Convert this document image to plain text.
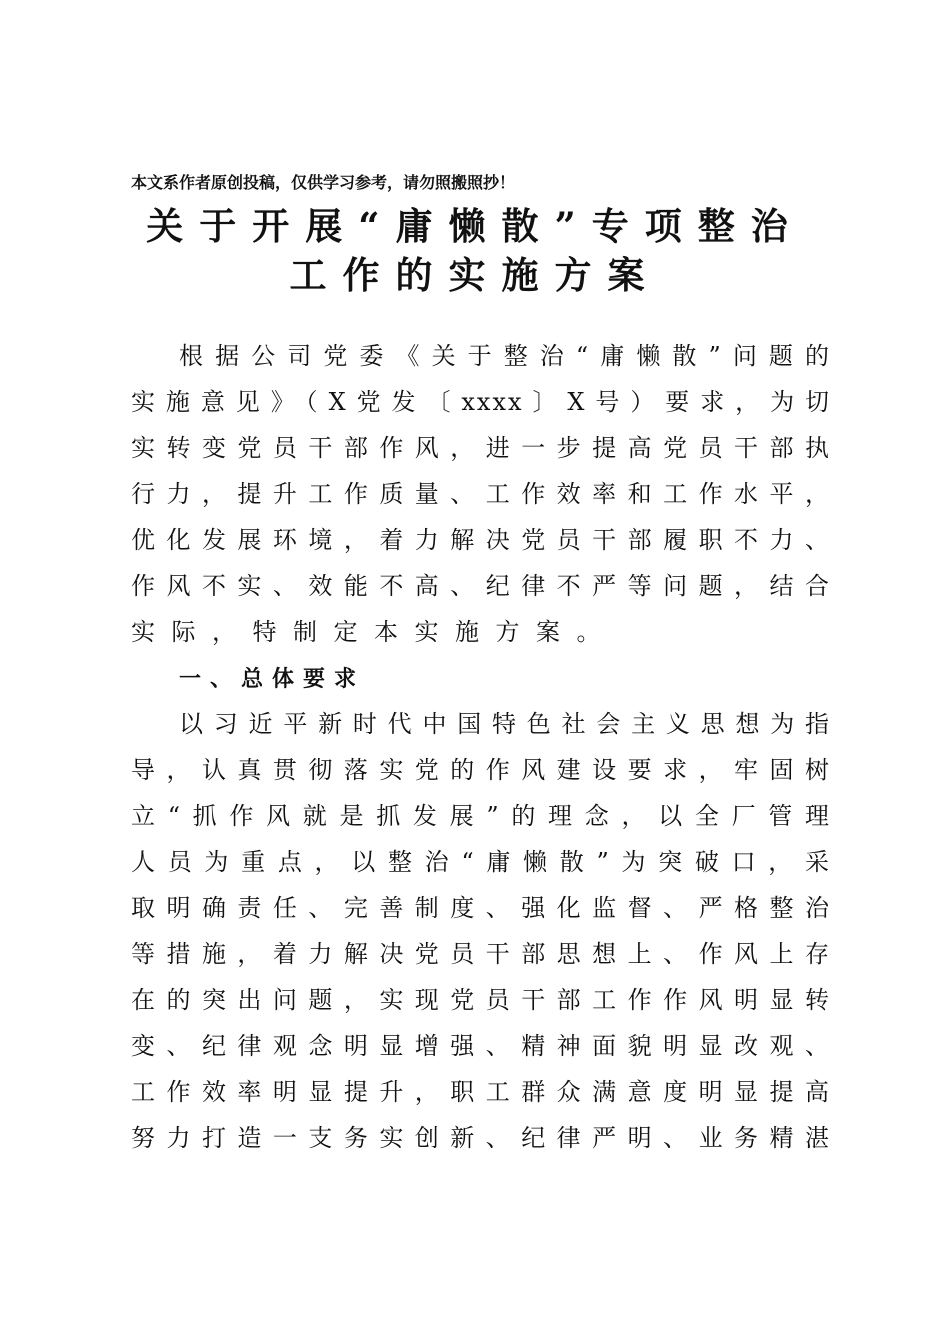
本文系作者原创投稿，仅供学习参考，请勿照搬照抄！
关于开展“庸懒散”专项整治
工作的实施方案
根据公司党委《关于整治“庸懒散”问题的
实施意见》（X党发〔xxxx〕X号）要求，为切
实转变党员干部作风，进一步提高党员干部执
行力，提升工作质量、工作效率和工作水平，
优化发展环境，着力解决党员干部履职不力、
作风不实、效能不高、纪律不严等问题，结合
实际，特制定本实施方案。
一、总体要求
以习近平新时代中国特色社会主义思想为指
导，认真贯彻落实党的作风建设要求，牢固树
立“抓作风就是抓发展”的理念，以全厂管理
人员为重点，以整治“庸懒散”为突破口，采
取明确责任、完善制度、强化监督、严格整治
等措施，着力解决党员干部思想上、作风上存
在的突出问题，实现党员干部工作作风明显转
变、纪律观念明显增强、精神面貌明显改观、
工作效率明显提升，职工群众满意度明显提高
努力打造一支务实创新、纪律严明、业务精湛
